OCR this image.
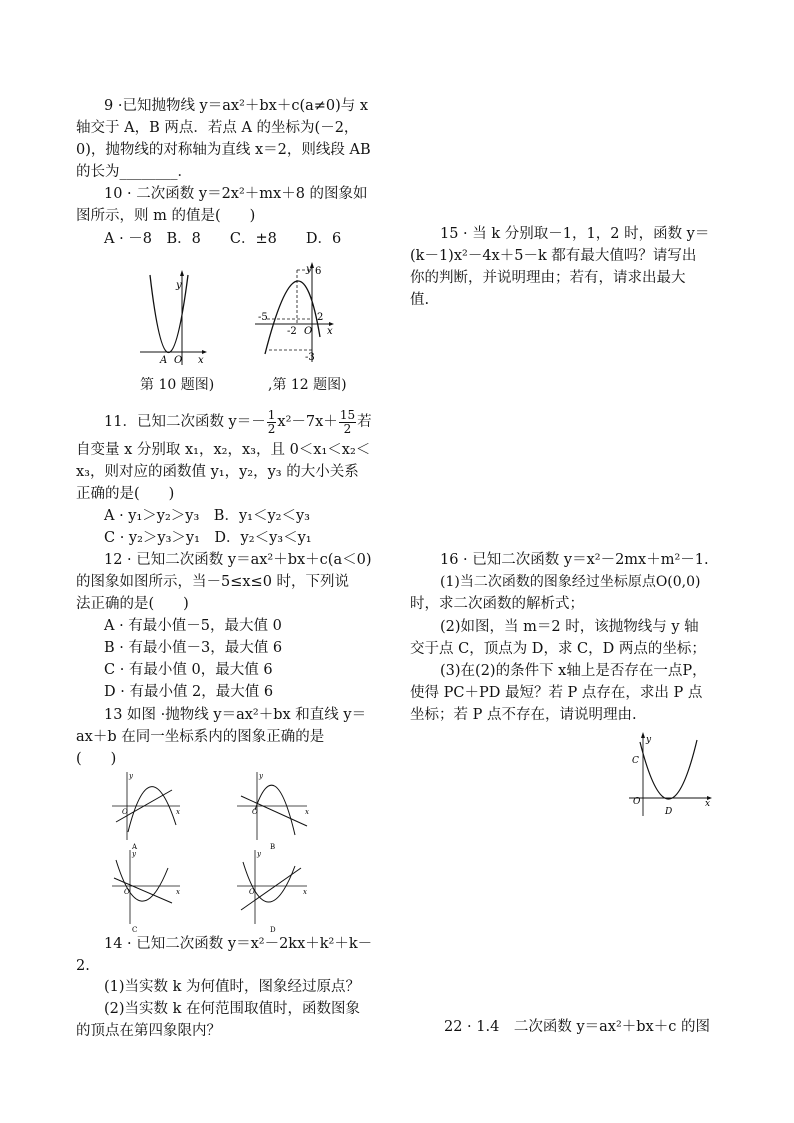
9 ·已知抛物线 y＝ax²＋bx＋c(a≠0)与 x
轴交于 A，B 两点．若点 A 的坐标为(－2，
0)，抛物线的对称轴为直线 x＝2，则线段 AB
的长为________．
10 · 二次函数 y＝2x²＋mx＋8 的图象如
图所示，则 m 的值是(　　)
A · －8　B．8　　C．±8　　D．6
y
A O x
第 10 题图)
y 6
-5
-2 O
2
x
-3
,第 12 题图)
11．已知二次函数 $y=- \frac{1}{2} x^2-7x+ \frac{15}{2}$ 若
自变量 x 分别取 x₁，x₂，x₃，且 0＜x₁＜x₂＜
x₃，则对应的函数值 y₁，y₂，y₃ 的大小关系
正确的是(　　)
A · y₁＞y₂＞y₃　B．y₁＜y₂＜y₃
C · y₂＞y₃＞y₁　D．y₂＜y₃＜y₁
12 · 已知二次函数 y＝ax²＋bx＋c(a＜0)
的图象如图所示，当－5≤x≤0 时，下列说
法正确的是(　　)
A · 有最小值－5，最大值 0
B · 有最小值－3，最大值 6
C · 有最小值 0，最大值 6
D · 有最小值 2，最大值 6
13 如图 ·抛物线 y＝ax²＋bx 和直线 y＝
ax＋b 在同一坐标系内的图象正确的是
(　　)
y
O	x
A
y
O	x
B
y
O	x
C
y
O	x
D
14 · 已知二次函数 y＝x²－2kx＋k²＋k－
2.
(1)当实数 k 为何值时，图象经过原点？
(2)当实数 k 在何范围取值时，函数图象
的顶点在第四象限内？
15 · 当 k 分别取－1，1，2 时，函数 y＝
(k－1)x²－4x＋5－k 都有最大值吗？请写出
你的判断，并说明理由；若有，请求出最大
值.
16 · 已知二次函数 y＝x²－2mx＋m²－1.
(1)当二次函数的图象经过坐标原点O(0,0)
时，求二次函数的解析式；
(2)如图，当 m＝2 时，该抛物线与 y 轴
交于点 C，顶点为 D，求 C，D 两点的坐标；
(3)在(2)的条件下 x轴上是否存在一点P，
使得 PC＋PD 最短？若 P 点存在，求出 P 点
坐标；若 P 点不存在，请说明理由.
y
C
O
D
x
22 · 1.4　二次函数 y＝ax²＋bx＋c 的图
